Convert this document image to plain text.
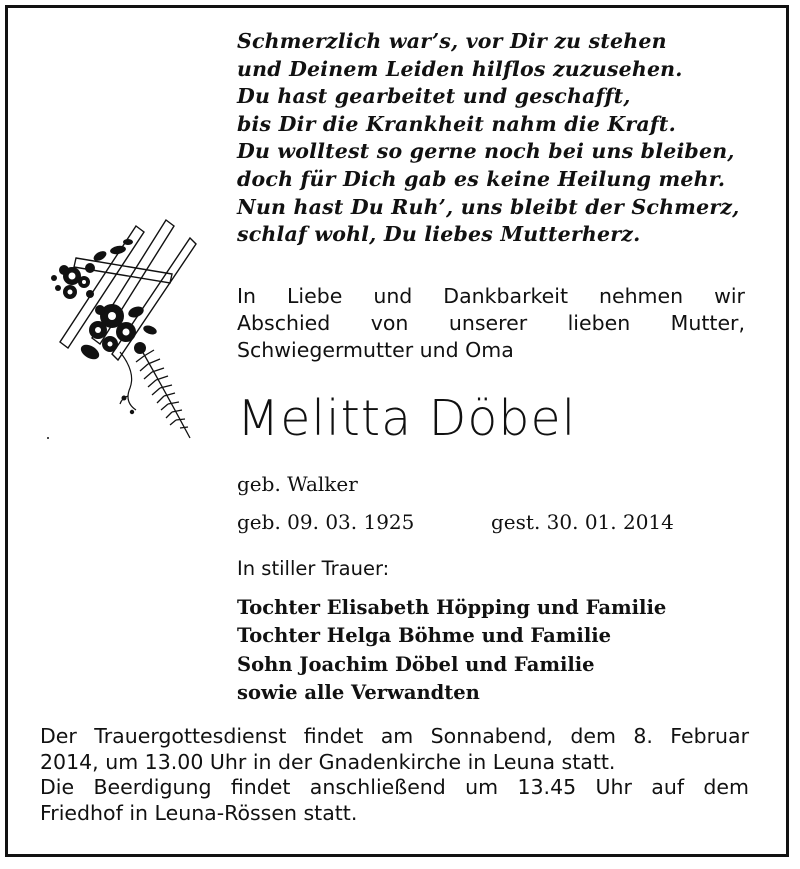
Schmerzlich war’s, vor Dir zu stehen
und Deinem Leiden hilflos zuzusehen.
Du hast gearbeitet und geschafft,
bis Dir die Krankheit nahm die Kraft.
Du wolltest so gerne noch bei uns bleiben,
doch für Dich gab es keine Heilung mehr.
Nun hast Du Ruh’, uns bleibt der Schmerz,
schlaf wohl, Du liebes Mutterherz.
In Liebe und Dankbarkeit nehmen wir
Abschied von unserer lieben Mutter,
Schwiegermutter und Oma
Melitta Döbel
geb. Walker
geb. 09. 03. 1925	gest. 30. 01. 2014
In stiller Trauer:
Tochter Elisabeth Höpping und Familie
Tochter Helga Böhme und Familie
Sohn Joachim Döbel und Familie
sowie alle Verwandten
Der Trauergottesdienst findet am Sonnabend, dem 8. Februar
2014, um 13.00 Uhr in der Gnadenkirche in Leuna statt.
Die Beerdigung findet anschließend um 13.45 Uhr auf dem
Friedhof in Leuna-Rössen statt.
